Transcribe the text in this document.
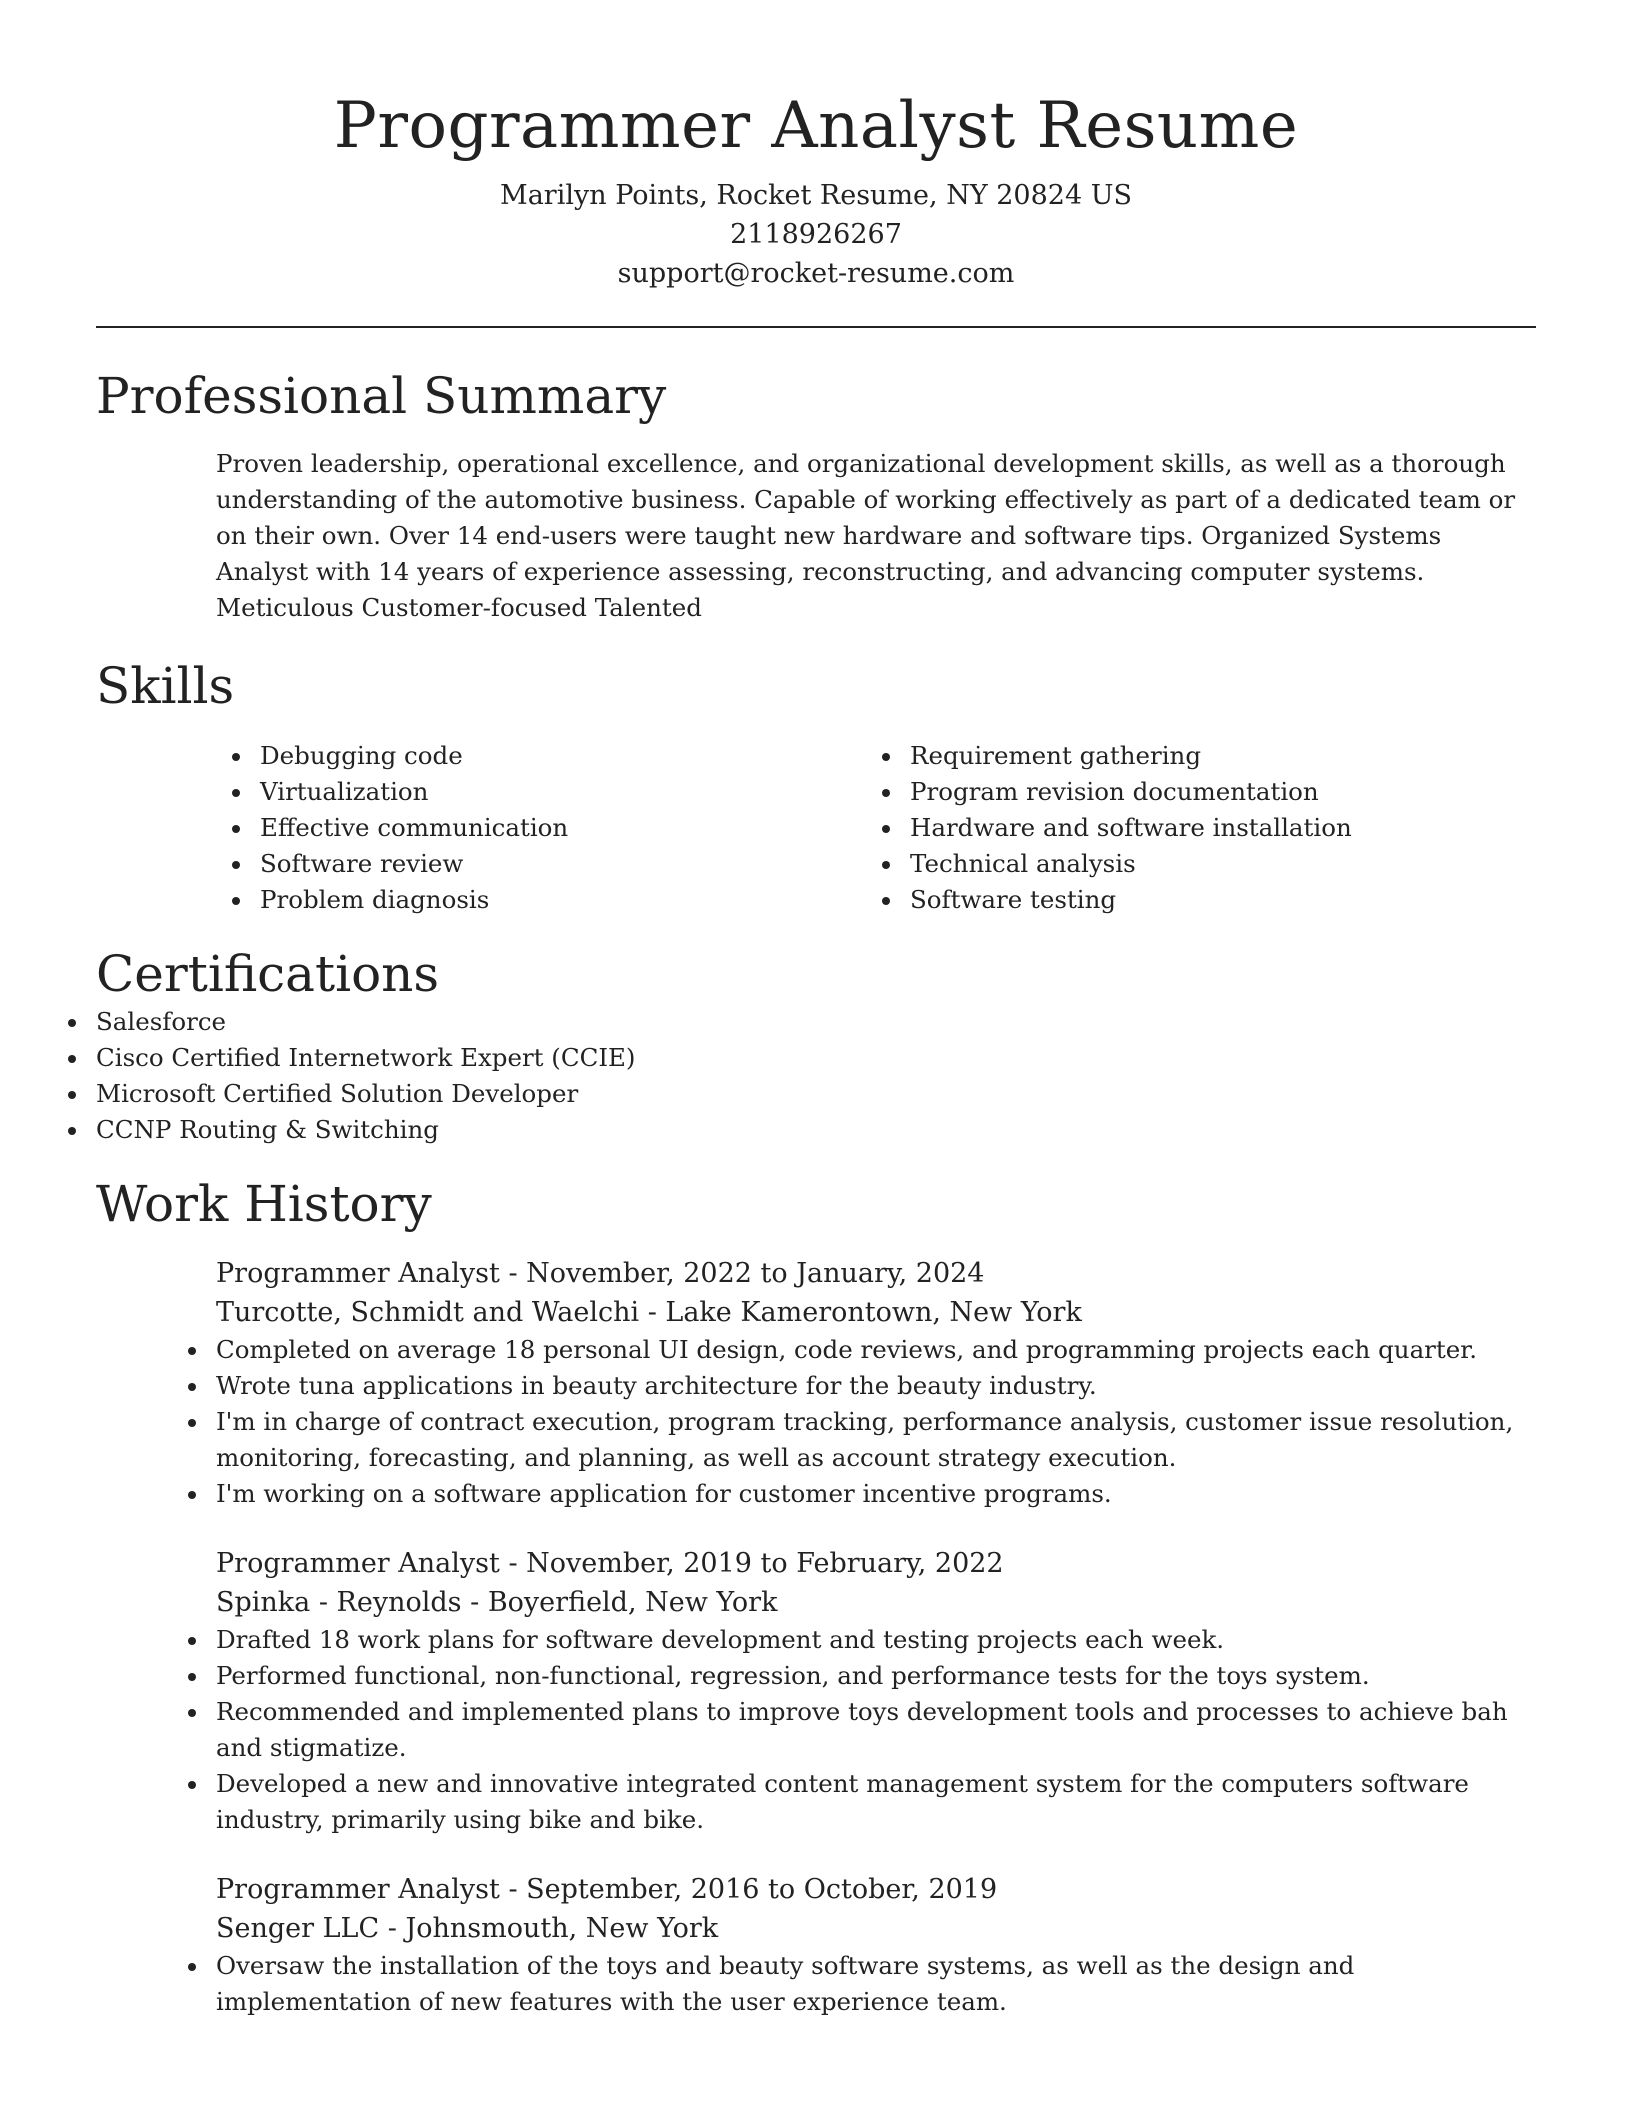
Programmer Analyst Resume
Marilyn Points, Rocket Resume, NY 20824 US
2118926267
support@rocket-resume.com
Professional Summary

Proven leadership, operational excellence, and organizational development skills, as well as a thorough understanding of the automotive business. Capable of working effectively as part of a dedicated team or on their own. Over 14 end-users were taught new hardware and software tips. Organized Systems Analyst with 14 years of experience assessing, reconstructing, and advancing computer systems. Meticulous Customer-focused Talented

Skills
Debugging code
Virtualization
Effective communication
Software review
Problem diagnosis
Requirement gathering
Program revision documentation
Hardware and software installation
Technical analysis
Software testing
Certifications
Salesforce
Cisco Certified Internetwork Expert (CCIE)
Microsoft Certified Solution Developer
CCNP Routing & Switching
Work History
Programmer Analyst - November, 2022 to January, 2024
Turcotte, Schmidt and Waelchi - Lake Kamerontown, New York
Completed on average 18 personal UI design, code reviews, and programming projects each quarter.
Wrote tuna applications in beauty architecture for the beauty industry.
I'm in charge of contract execution, program tracking, performance analysis, customer issue resolution, monitoring, forecasting, and planning, as well as account strategy execution.
I'm working on a software application for customer incentive programs.
Programmer Analyst - November, 2019 to February, 2022
Spinka - Reynolds - Boyerfield, New York
Drafted 18 work plans for software development and testing projects each week.
Performed functional, non-functional, regression, and performance tests for the toys system.
Recommended and implemented plans to improve toys development tools and processes to achieve bah and stigmatize.
Developed a new and innovative integrated content management system for the computers software industry, primarily using bike and bike.
Programmer Analyst - September, 2016 to October, 2019
Senger LLC - Johnsmouth, New York
Oversaw the installation of the toys and beauty software systems, as well as the design and implementation of new features with the user experience team.
